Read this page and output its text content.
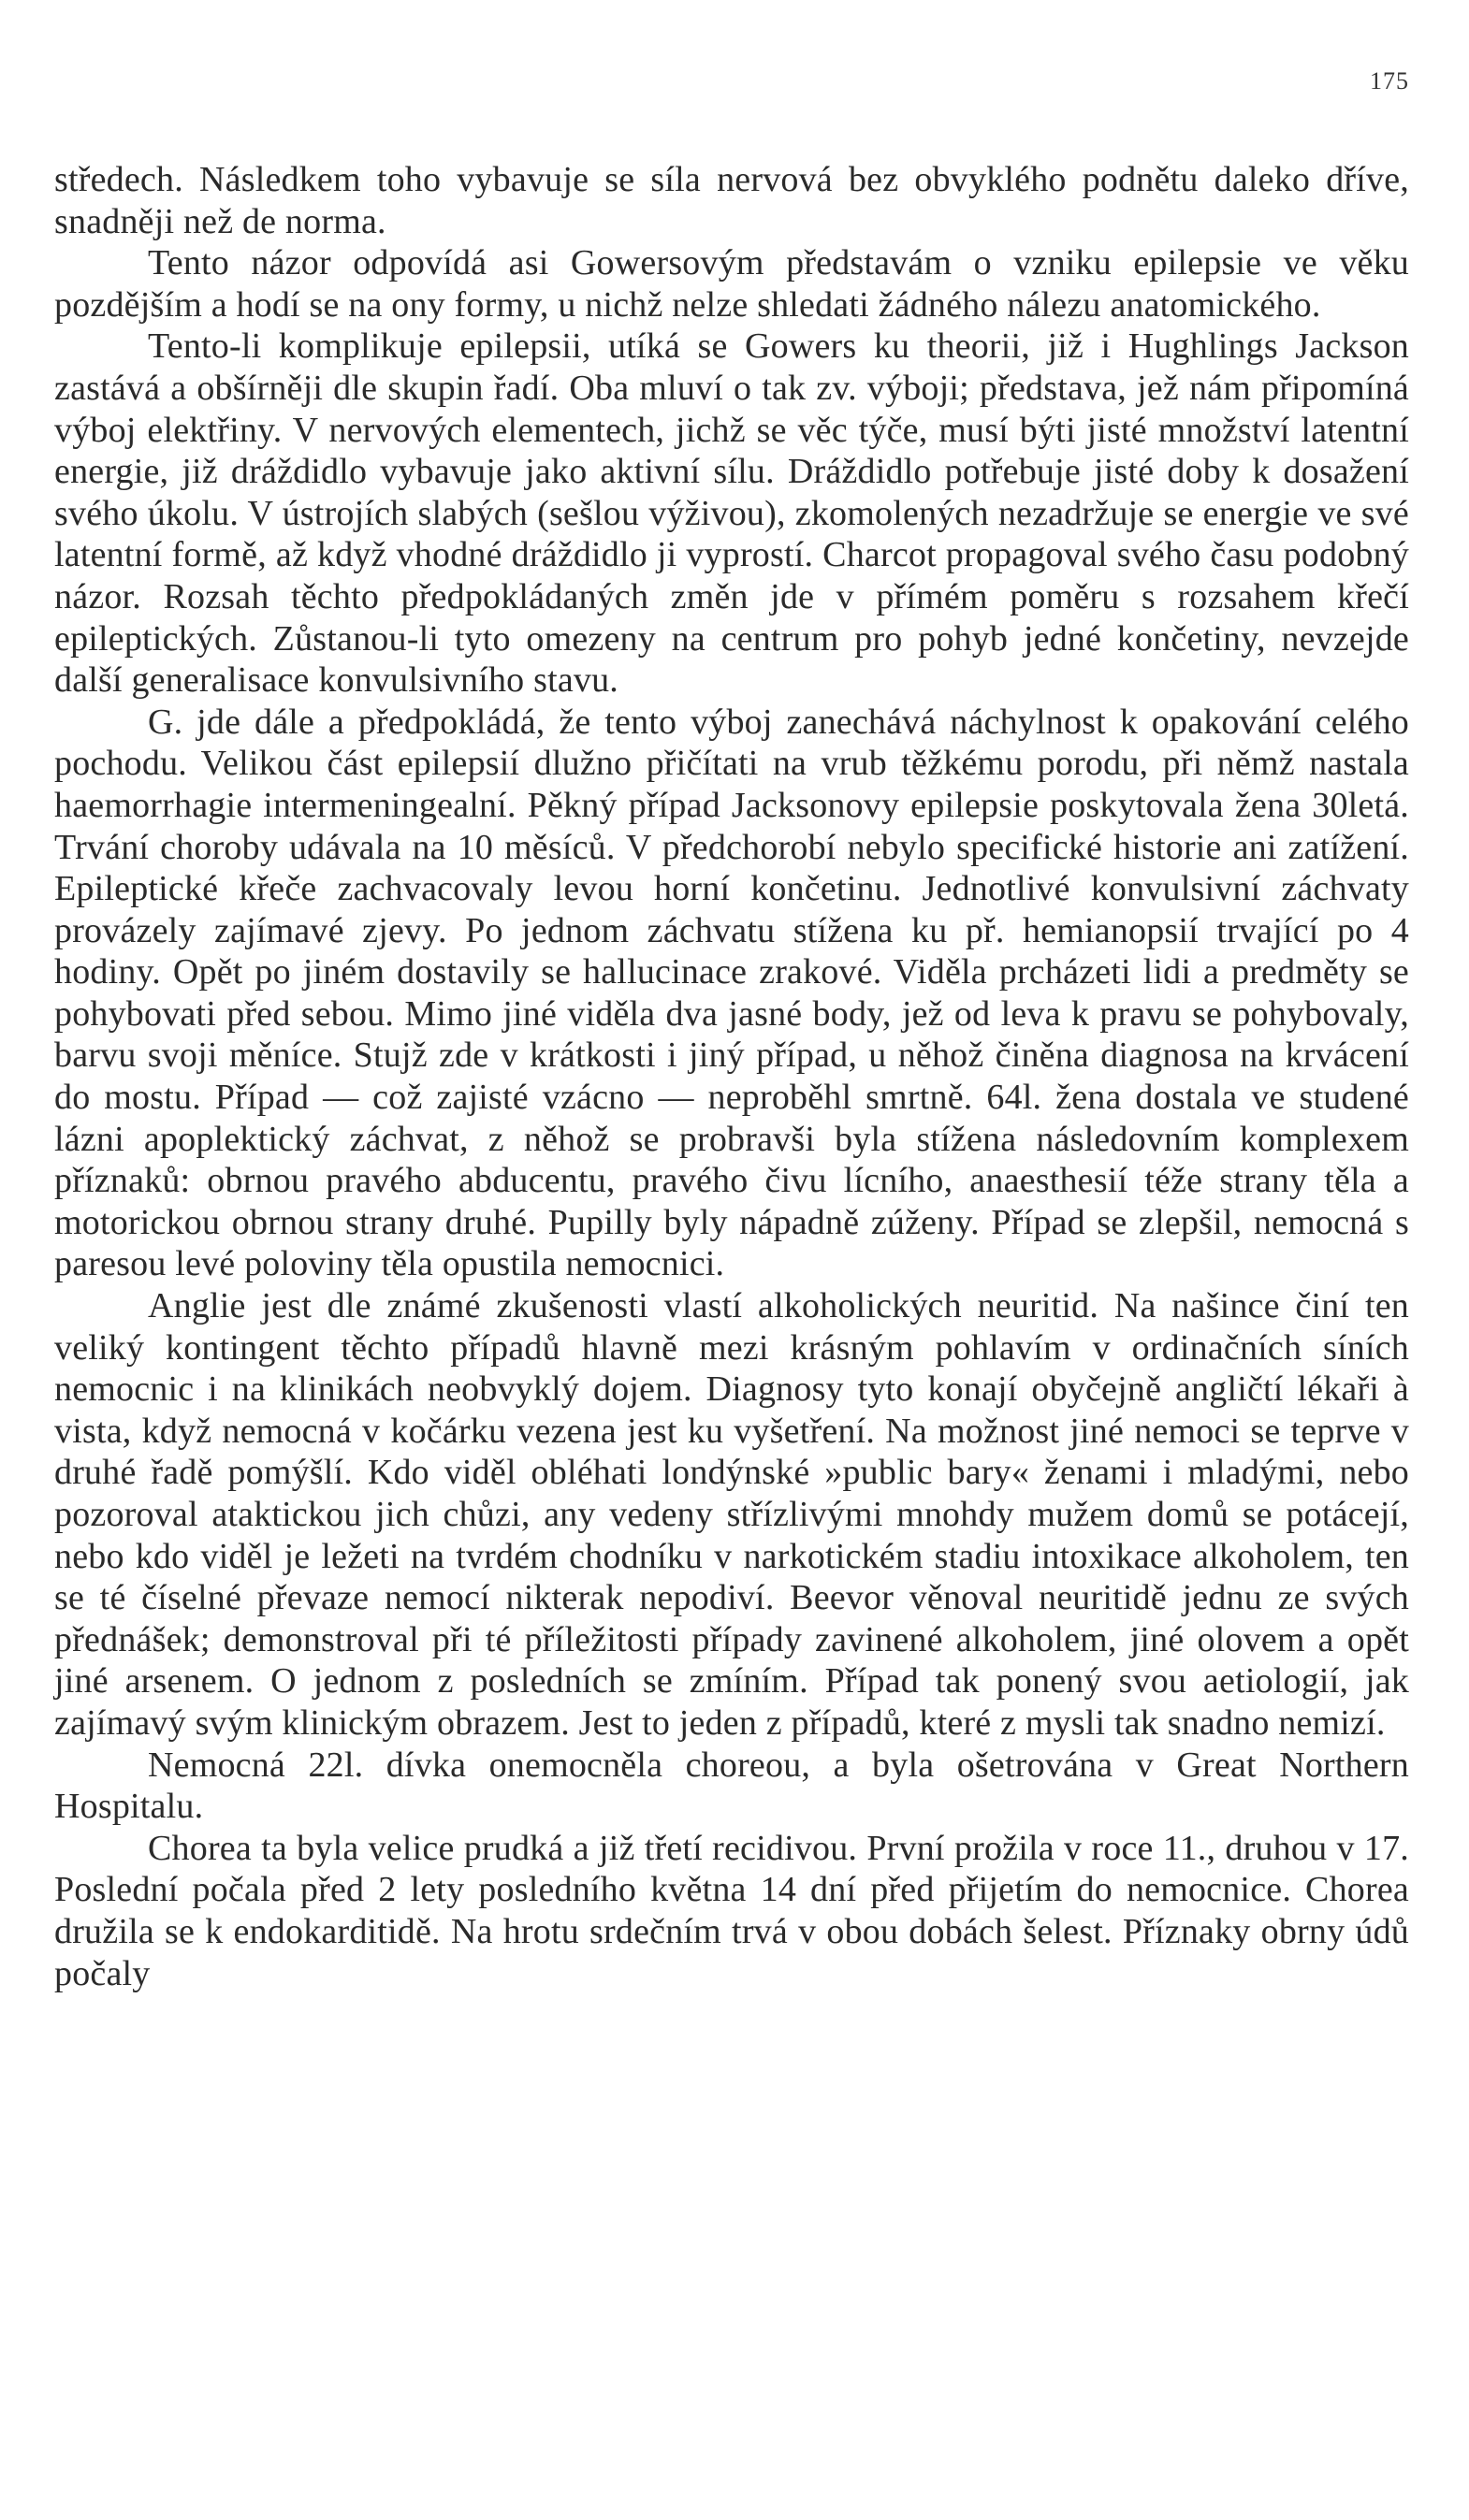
175

středech. Následkem toho vybavuje se síla nervová bez obvyklého podnětu daleko dříve, snadněji než de norma.

Tento názor odpovídá asi Gowersovým představám o vzniku epilepsie ve věku pozdějším a hodí se na ony formy, u nichž nelze shledati žádného nálezu anatomického.

Tento-li komplikuje epilepsii, utíká se Gowers ku theorii, již i Hughlings Jackson zastává a obšírněji dle skupin řadí. Oba mluví o tak zv. výboji; představa, jež nám připomíná výboj elektřiny. V nervových elementech, jichž se věc týče, musí býti jisté množství latentní energie, již dráždidlo vybavuje jako aktivní sílu. Dráždidlo potřebuje jisté doby k dosažení svého úkolu. V ústrojích slabých (sešlou výživou), zkomolených nezadržuje se energie ve své latentní formě, až když vhodné dráždidlo ji vyprostí. Charcot propagoval svého času podobný názor. Rozsah těchto předpokládaných změn jde v přímém poměru s rozsahem křečí epileptických. Zůstanou-li tyto omezeny na centrum pro pohyb jedné končetiny, nevzejde další generalisace konvulsivního stavu.

G. jde dále a předpokládá, že tento výboj zanechává náchylnost k opakování celého pochodu. Velikou část epilepsií dlužno přičítati na vrub těžkému porodu, při němž nastala haemorrhagie intermeningealní. Pěkný případ Jacksonovy epilepsie poskytovala žena 30letá. Trvání choroby udávala na 10 měsíců. V předchorobí nebylo specifické historie ani zatížení. Epileptické křeče zachvacovaly levou horní končetinu. Jednotlivé konvulsivní záchvaty provázely zajímavé zjevy. Po jednom záchvatu stížena ku př. hemianopsií trvající po 4 hodiny. Opět po jiném dostavily se hallucinace zrakové. Viděla prcházeti lidi a predměty se pohybovati před sebou. Mimo jiné viděla dva jasné body, jež od leva k pravu se pohybovaly, barvu svoji měníce. Stujž zde v krátkosti i jiný případ, u něhož činěna diagnosa na krvácení do mostu. Případ — což zajisté vzácno — neproběhl smrtně. 64l. žena dostala ve studené lázni apoplektický záchvat, z něhož se probravši byla stížena následovním komplexem příznaků: obrnou pravého abducentu, pravého čivu lícního, anaesthesií téže strany těla a motorickou obrnou strany druhé. Pupilly byly nápadně zúženy. Případ se zlepšil, nemocná s paresou levé poloviny těla opustila nemocnici.

Anglie jest dle známé zkušenosti vlastí alkoholických neuritid. Na našince činí ten veliký kontingent těchto případů hlavně mezi krásným pohlavím v ordinačních síních nemocnic i na klinikách neobvyklý dojem. Diagnosy tyto konají obyčejně angličtí lékaři à vista, když nemocná v kočárku vezena jest ku vyšetření. Na možnost jiné nemoci se teprve v druhé řadě pomýšlí. Kdo viděl obléhati londýnské »public bary« ženami i mladými, nebo pozoroval ataktickou jich chůzi, any vedeny střízlivými mnohdy mužem domů se potácejí, nebo kdo viděl je ležeti na tvrdém chodníku v narkotickém stadiu intoxikace alkoholem, ten se té číselné převaze nemocí nikterak nepodiví. Beevor věnoval neuritidě jednu ze svých přednášek; demonstroval při té příležitosti případy zavinené alkoholem, jiné olovem a opět jiné arsenem. O jednom z posledních se zmíním. Případ tak ponený svou aetiologií, jak zajímavý svým klinickým obrazem. Jest to jeden z případů, které z mysli tak snadno nemizí.

Nemocná 22l. dívka onemocněla choreou, a byla ošetrována v Great Northern Hospitalu.

Chorea ta byla velice prudká a již třetí recidivou. První prožila v roce 11., druhou v 17. Poslední počala před 2 lety posledního května 14 dní před přijetím do nemocnice. Chorea družila se k endokarditidě. Na hrotu srdečním trvá v obou dobách šelest. Příznaky obrny údů počaly
